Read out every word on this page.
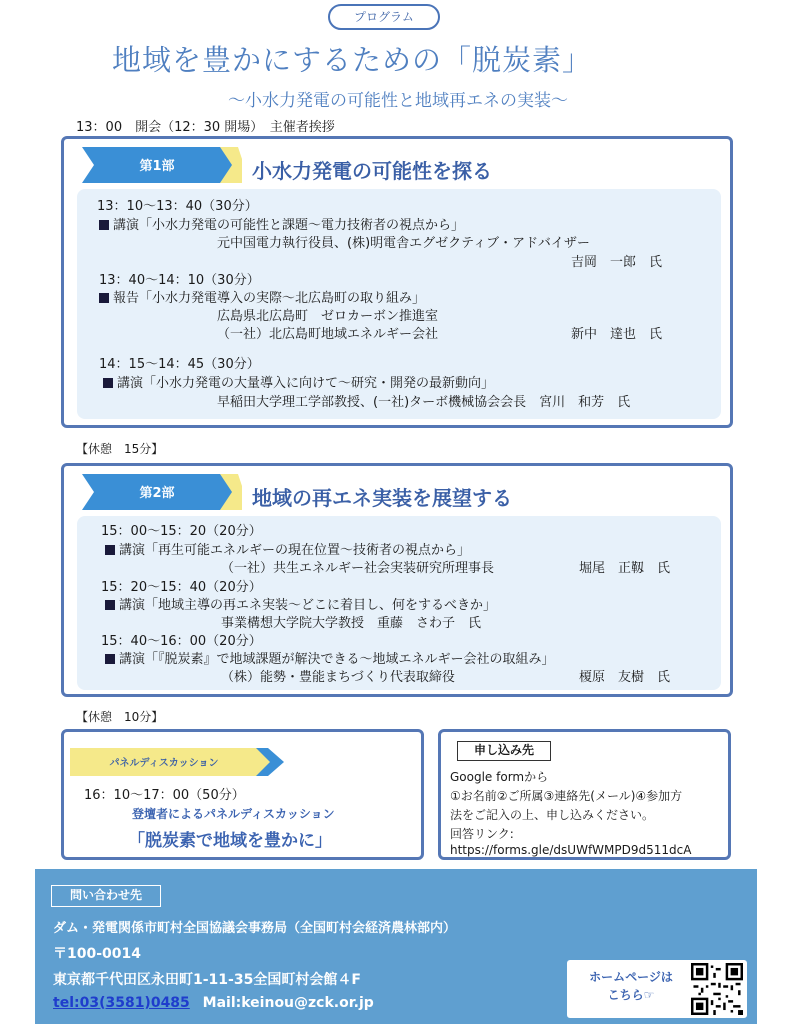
プログラム
地域を豊かにするための「脱炭素」
～小水力発電の可能性と地域再エネの実装～
13：00　開会（12：30 開場）　主催者挨拶
第1部	小水力発電の可能性を探る
13：10～13：40（30分）
講演「小水力発電の可能性と課題～電力技術者の視点から」
元中国電力執行役員、(株)明電舎エグゼクティブ・アドバイザー
吉岡　一郎　氏
13：40～14：10（30分）
報告「小水力発電導入の実際～北広島町の取り組み」
広島県北広島町　ゼロカーボン推進室
（一社）北広島町地域エネルギー会社	新中　達也　氏
14：15～14：45（30分）
講演「小水力発電の大量導入に向けて～研究・開発の最新動向」
早稲田大学理工学部教授、(一社)ターボ機械協会会長　宮川　和芳　氏
【休憩　15分】
第2部	地域の再エネ実装を展望する
15：00～15：20（20分）
講演「再生可能エネルギーの現在位置～技術者の視点から」
（一社）共生エネルギー社会実装研究所理事長	堀尾　正靱　氏
15：20～15：40（20分）
講演「地域主導の再エネ実装～どこに着目し、何をするべきか」
事業構想大学院大学教授　重藤　さわ子　氏
15：40～16：00（20分）
講演「『脱炭素』で地域課題が解決できる～地域エネルギー会社の取組み」
（株）能勢・豊能まちづくり代表取締役	榎原　友樹　氏
【休憩　10分】
パネルディスカッション
16：10～17：00（50分）
登壇者によるパネルディスカッション
「脱炭素で地域を豊かに」
申し込み先
Google formから
①お名前②ご所属③連絡先(メール)④参加方
法をご記入の上、申し込みください。
回答リンク:
https://forms.gle/dsUWfWMPD9d511dcA
問い合わせ先
ダム・発電関係市町村全国協議会事務局（全国町村会経済農林部内）
〒100-0014
東京都千代田区永田町1-11-35全国町村会館４F
tel:03(3581)0485 Mail:keinou@zck.or.jp
ホームページは
こちら☞
